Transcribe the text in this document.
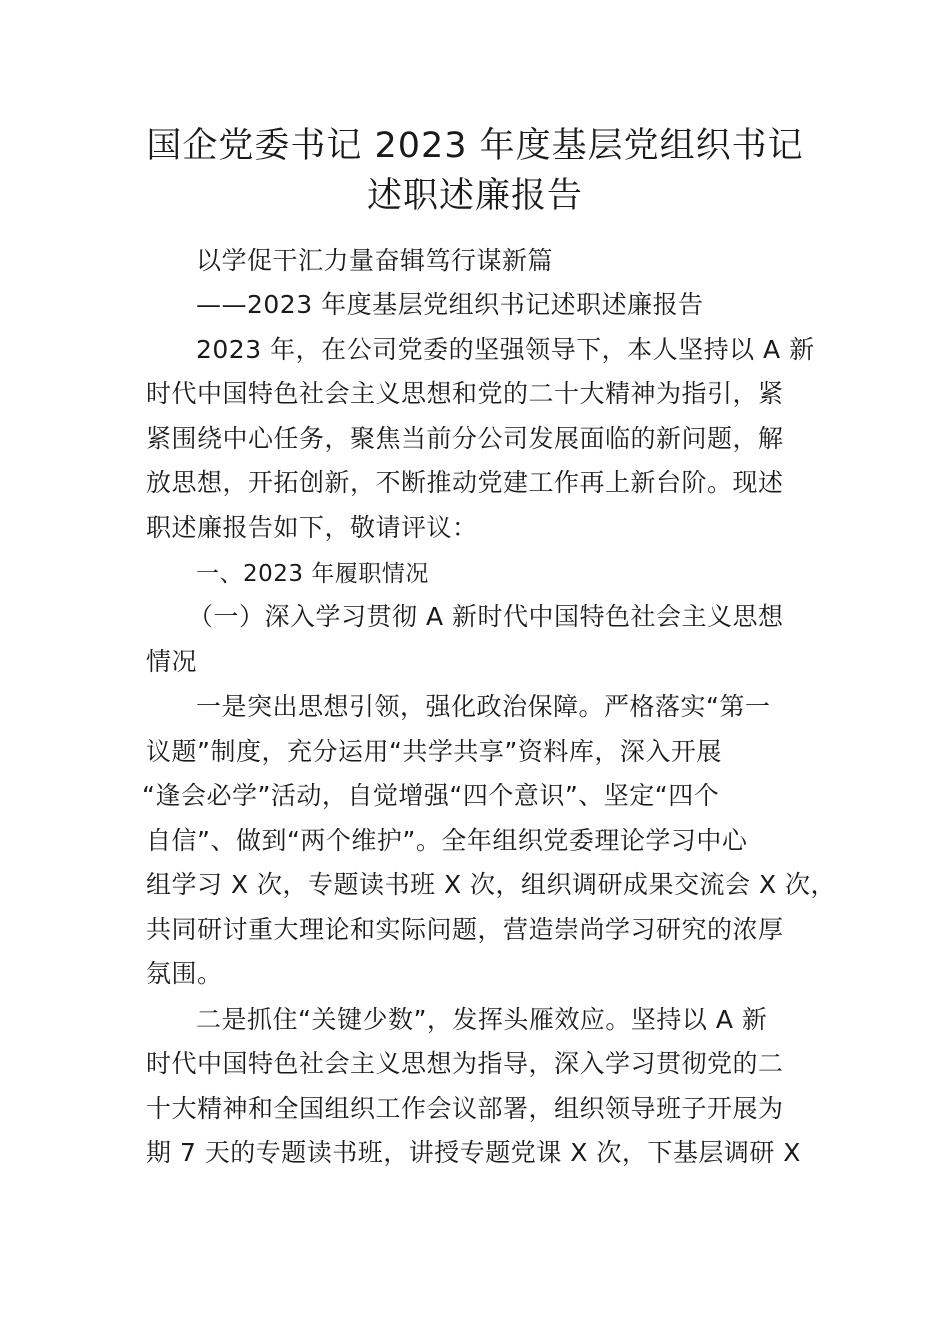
国企党委书记 2023 年度基层党组织书记
述职述廉报告
以学促干汇力量奋辑笃行谋新篇
——2023 年度基层党组织书记述职述廉报告
2023 年，在公司党委的坚强领导下，本人坚持以 A 新
时代中国特色社会主义思想和党的二十大精神为指引，紧
紧围绕中心任务，聚焦当前分公司发展面临的新问题，解
放思想，开拓创新，不断推动党建工作再上新台阶。现述
职述廉报告如下，敬请评议：
一、2023 年履职情况
（一）深入学习贯彻 A 新时代中国特色社会主义思想
情况
一是突出思想引领，强化政治保障。严格落实“第一
议题”制度，充分运用“共学共享”资料库，深入开展
“逢会必学”活动，自觉增强“四个意识”、坚定“四个
自信”、做到“两个维护”。全年组织党委理论学习中心
组学习 X 次，专题读书班 X 次，组织调研成果交流会 X 次，
共同研讨重大理论和实际问题，营造崇尚学习研究的浓厚
氛围。
二是抓住“关键少数”，发挥头雁效应。坚持以 A 新
时代中国特色社会主义思想为指导，深入学习贯彻党的二
十大精神和全国组织工作会议部署，组织领导班子开展为
期 7 天的专题读书班，讲授专题党课 X 次，下基层调研 X
